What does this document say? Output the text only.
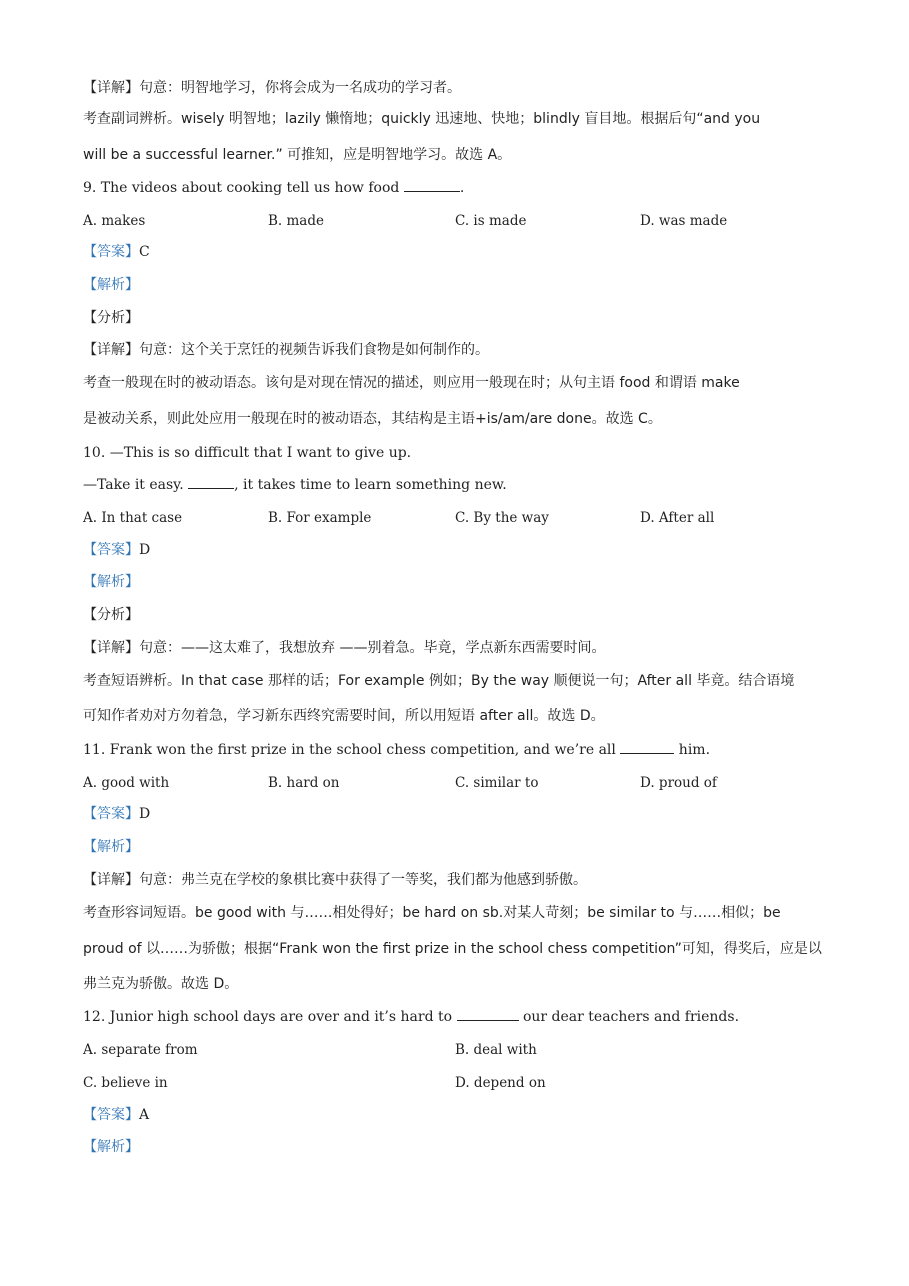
【详解】句意：明智地学习，你将会成为一名成功的学习者。
考查副词辨析。wisely 明智地；lazily 懒惰地；quickly 迅速地、快地；blindly 盲目地。根据后句“and you
will be a successful learner.” 可推知，应是明智地学习。故选 A。
9. The videos about cooking tell us how food	.
A. makes	B. made	C. is made	D. was made
【答案】C
【解析】
【分析】
【详解】句意：这个关于烹饪的视频告诉我们食物是如何制作的。
考查一般现在时的被动语态。该句是对现在情况的描述，则应用一般现在时；从句主语 food 和谓语 make
是被动关系，则此处应用一般现在时的被动语态，其结构是主语+is/am/are done。故选 C。
10. —This is so difficult that I want to give up.
—Take it easy.	, it takes time to learn something new.
A. In that case	B. For example	C. By the way	D. After all
【答案】D
【解析】
【分析】
【详解】句意：——这太难了，我想放弃 ——别着急。毕竟，学点新东西需要时间。
考查短语辨析。In that case 那样的话；For example 例如；By the way 顺便说一句；After all 毕竟。结合语境
可知作者劝对方勿着急，学习新东西终究需要时间，所以用短语 after all。故选 D。
11. Frank won the first prize in the school chess competition, and we’re all	him.
A. good with	B. hard on	C. similar to	D. proud of
【答案】D
【解析】
【详解】句意：弗兰克在学校的象棋比赛中获得了一等奖，我们都为他感到骄傲。
考查形容词短语。be good with 与……相处得好；be hard on sb.对某人苛刻；be similar to 与……相似；be
proud of 以……为骄傲；根据“Frank won the first prize in the school chess competition”可知，得奖后，应是以
弗兰克为骄傲。故选 D。
12. Junior high school days are over and it’s hard to	our dear teachers and friends.
A. separate from	B. deal with
C. believe in	D. depend on
【答案】A
【解析】
